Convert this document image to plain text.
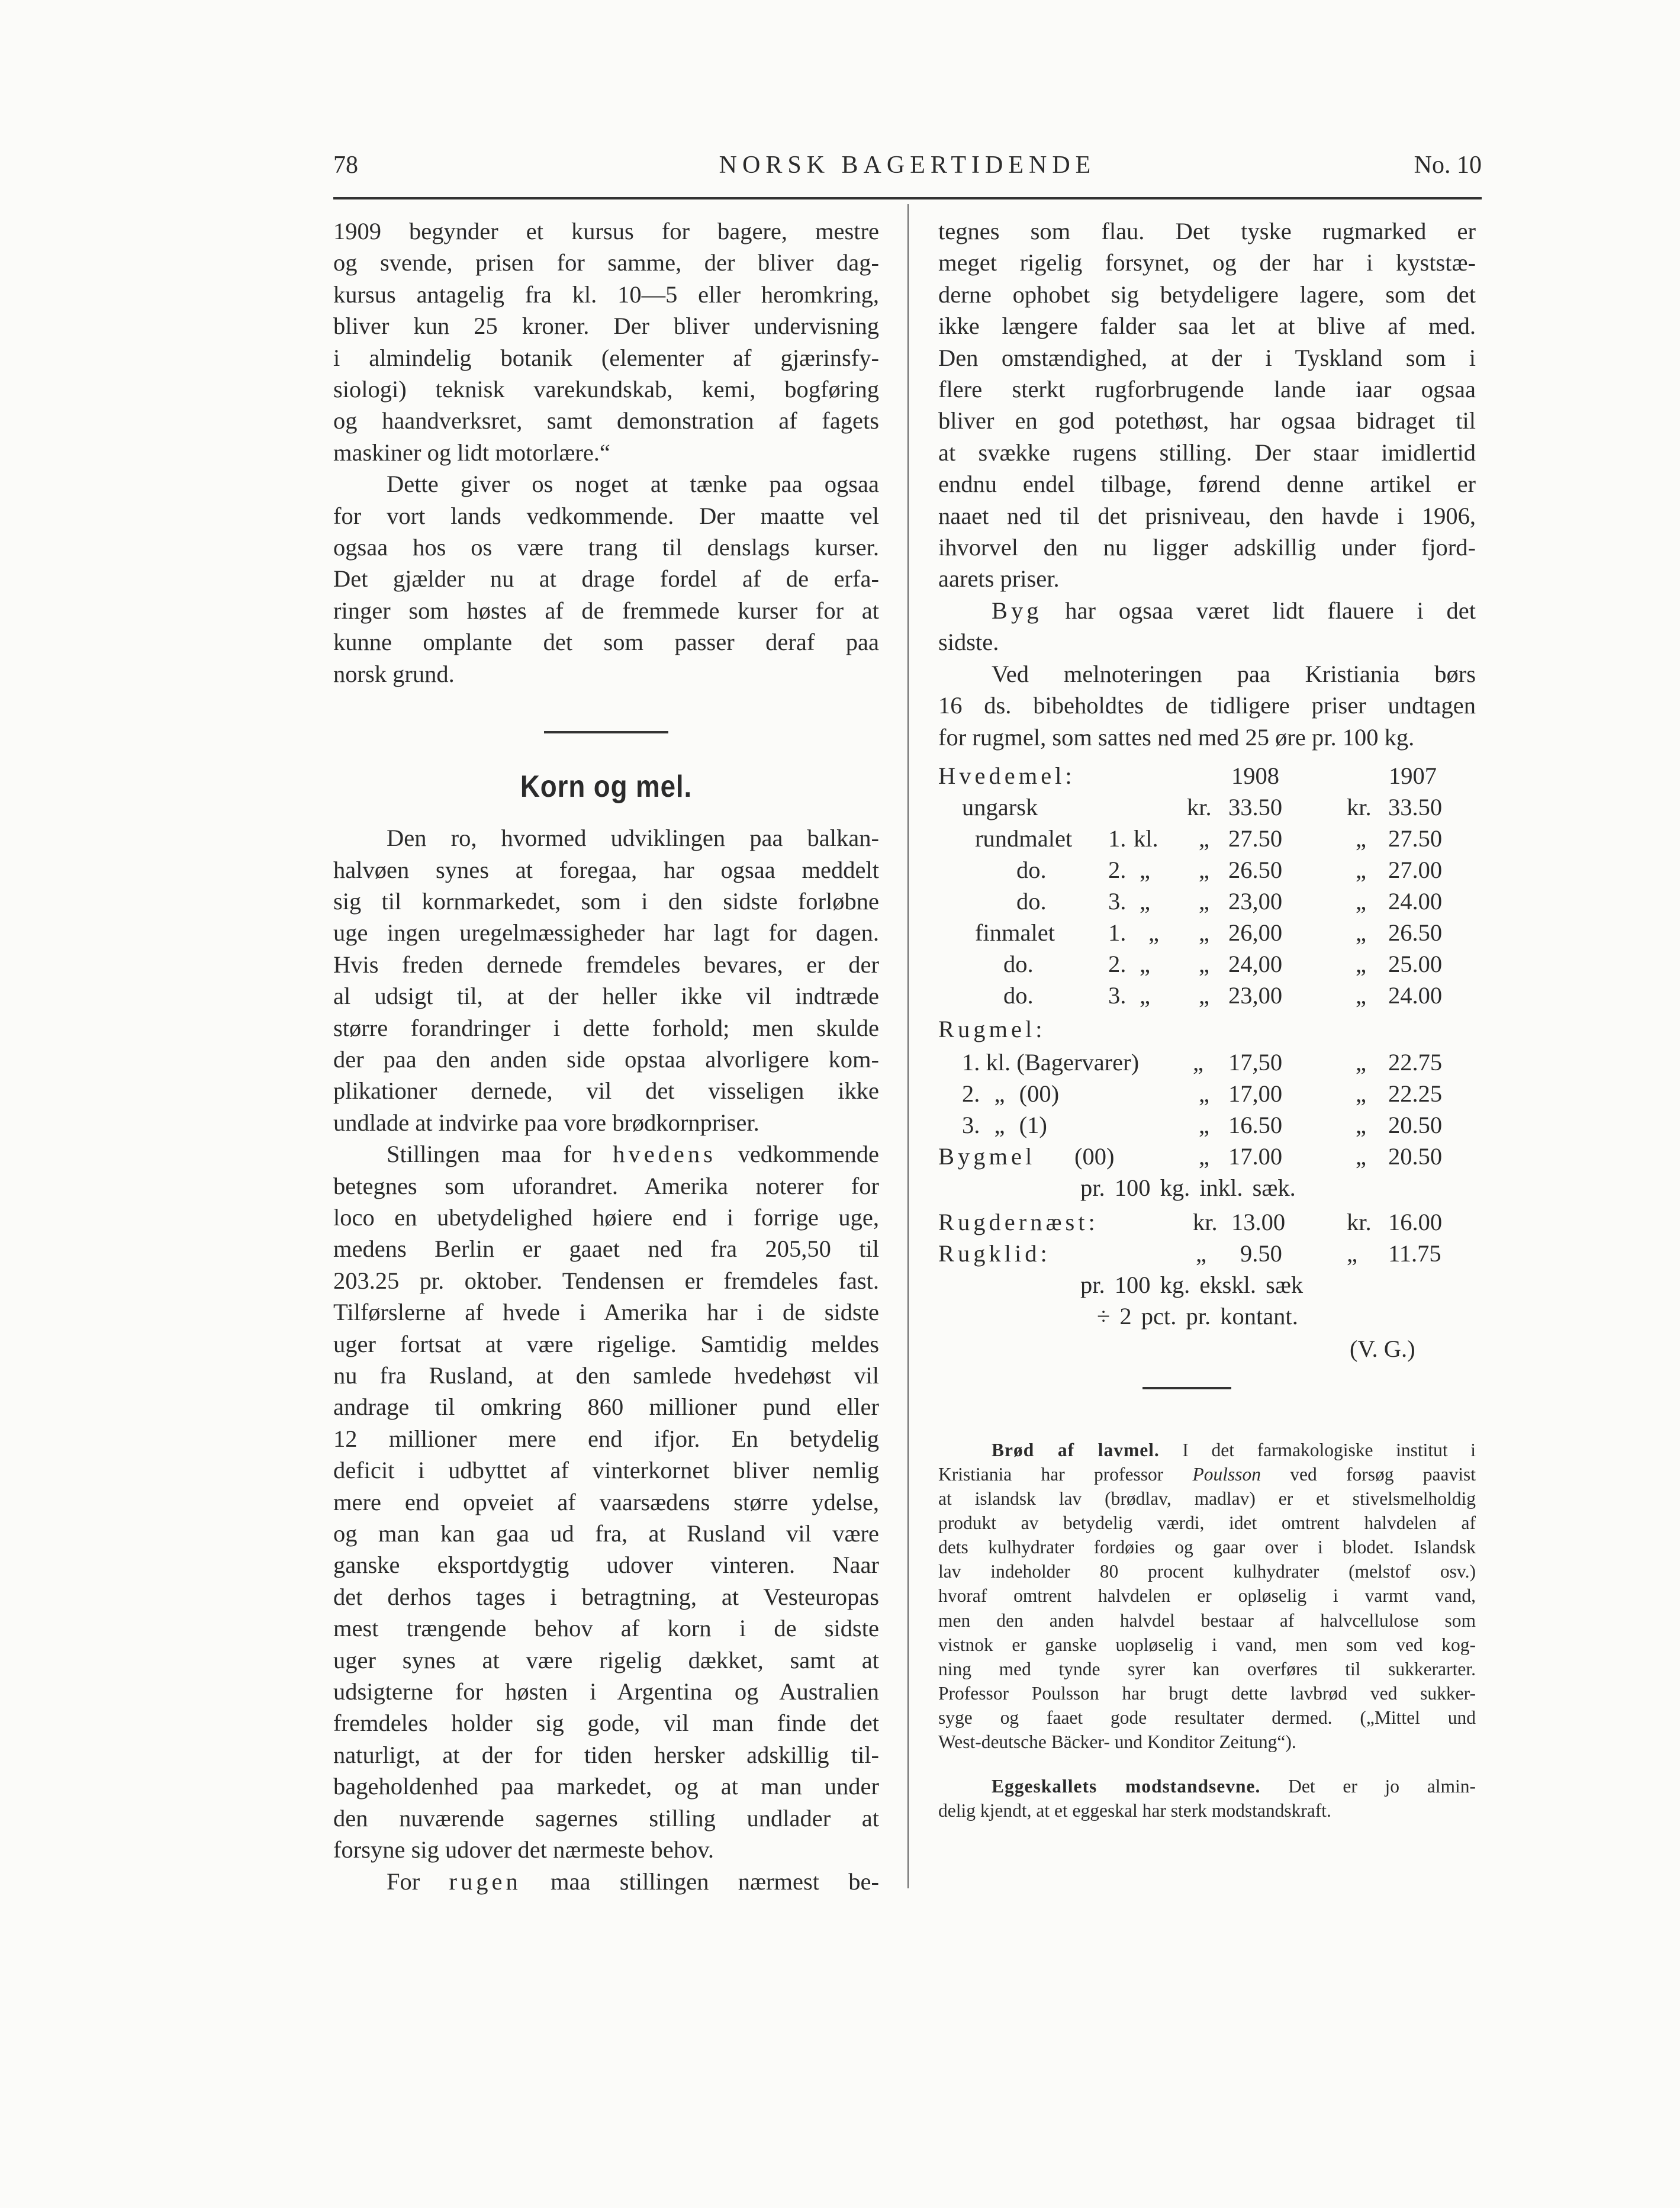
78	NORSK BAGERTIDENDE	No. 10

1909 begynder et kursus for bagere, mestre

og svende, prisen for samme, der bliver dag-

kursus antagelig fra kl. 10—5 eller heromkring,

bliver kun 25 kroner. Der bliver undervisning

i almindelig botanik (elementer af gjærinsfy-

siologi) teknisk varekundskab, kemi, bogføring

og haandverksret, samt demonstration af fagets

maskiner og lidt motorlære.“

Dette giver os noget at tænke paa ogsaa

for vort lands vedkommende. Der maatte vel

ogsaa hos os være trang til denslags kurser.

Det gjælder nu at drage fordel af de erfa-

ringer som høstes af de fremmede kurser for at

kunne omplante det som passer deraf paa

norsk grund.

Korn og mel.

Den ro, hvormed udviklingen paa balkan-

halvøen synes at foregaa, har ogsaa meddelt

sig til kornmarkedet, som i den sidste forløbne

uge ingen uregelmæssigheder har lagt for dagen.

Hvis freden dernede fremdeles bevares, er der

al udsigt til, at der heller ikke vil indtræde

større forandringer i dette forhold; men skulde

der paa den anden side opstaa alvorligere kom-

plikationer dernede, vil det visseligen ikke

undlade at indvirke paa vore brødkornpriser.

Stillingen maa for hvedens vedkommende

betegnes som uforandret. Amerika noterer for

loco en ubetydelighed høiere end i forrige uge,

medens Berlin er gaaet ned fra 205,50 til

203.25 pr. oktober. Tendensen er fremdeles fast.

Tilførslerne af hvede i Amerika har i de sidste

uger fortsat at være rigelige. Samtidig meldes

nu fra Rusland, at den samlede hvedehøst vil

andrage til omkring 860 millioner pund eller

12 millioner mere end ifjor. En betydelig

deficit i udbyttet af vinterkornet bliver nemlig

mere end opveiet af vaarsædens større ydelse,

og man kan gaa ud fra, at Rusland vil være

ganske eksportdygtig udover vinteren. Naar

det derhos tages i betragtning, at Vesteuropas

mest trængende behov af korn i de sidste

uger synes at være rigelig dækket, samt at

udsigterne for høsten i Argentina og Australien

fremdeles holder sig gode, vil man finde det

naturligt, at der for tiden hersker adskillig til-

bageholdenhed paa markedet, og at man under

den nuværende sagernes stilling undlader at

forsyne sig udover det nærmeste behov.

For rugen maa stillingen nærmest be-

tegnes som flau. Det tyske rugmarked er

meget rigelig forsynet, og der har i kyststæ-

derne ophobet sig betydeligere lagere, som det

ikke længere falder saa let at blive af med.

Den omstændighed, at der i Tyskland som i

flere sterkt rugforbrugende lande iaar ogsaa

bliver en god potethøst, har ogsaa bidraget til

at svække rugens stilling. Der staar imidlertid

endnu endel tilbage, førend denne artikel er

naaet ned til det prisniveau, den havde i 1906,

ihvorvel den nu ligger adskillig under fjord-

aarets priser.

Byg har ogsaa været lidt flauere i det

sidste.

Ved melnoteringen paa Kristiania børs

16 ds. bibeholdtes de tidligere priser undtagen

for rugmel, som sattes ned med 25 øre pr. 100 kg.

Hvedemel:	1908	1907
ungarsk	kr. 33.50	kr. 33.50
rundmalet 1. kl. „ 27.50	„ 27.50
do.	2. „ „ 26.50	„ 27.00
do.	3. „ „ 23,00	„ 24.00
finmalet 1. „ „ 26,00	„ 26.50
do.	2. „ „ 24,00	„ 25.00
do.	3. „ „ 23,00	„ 24.00
Rugmel:
1. kl. (Bagervarer) „ 17,50	„ 22.75
2. „ (00)	„ 17,00	„ 22.25
3. „ (1)	„ 16.50	„ 20.50
Bygmel (00)	„ 17.00	„ 20.50
pr. 100 kg. inkl. sæk.
Rugdernæst:	kr. 13.00	kr. 16.00
Rugklid:	„ 9.50	„ 11.75
pr. 100 kg. ekskl. sæk
÷ 2 pct. pr. kontant.
(V. G.)

Brød af lavmel. I det farmakologiske institut i

Kristiania har professor Poulsson ved forsøg paavist

at islandsk lav (brødlav, madlav) er et stivelsmelholdig

produkt av betydelig værdi, idet omtrent halvdelen af

dets kulhydrater fordøies og gaar over i blodet. Islandsk

lav indeholder 80 procent kulhydrater (melstof osv.)

hvoraf omtrent halvdelen er opløselig i varmt vand,

men den anden halvdel bestaar af halvcellulose som

vistnok er ganske uopløselig i vand, men som ved kog-

ning med tynde syrer kan overføres til sukkerarter.

Professor Poulsson har brugt dette lavbrød ved sukker-

syge og faaet gode resultater dermed. („Mittel und

West-deutsche Bäcker- und Konditor Zeitung“).

Eggeskallets modstandsevne. Det er jo almin-

delig kjendt, at et eggeskal har sterk modstandskraft.
